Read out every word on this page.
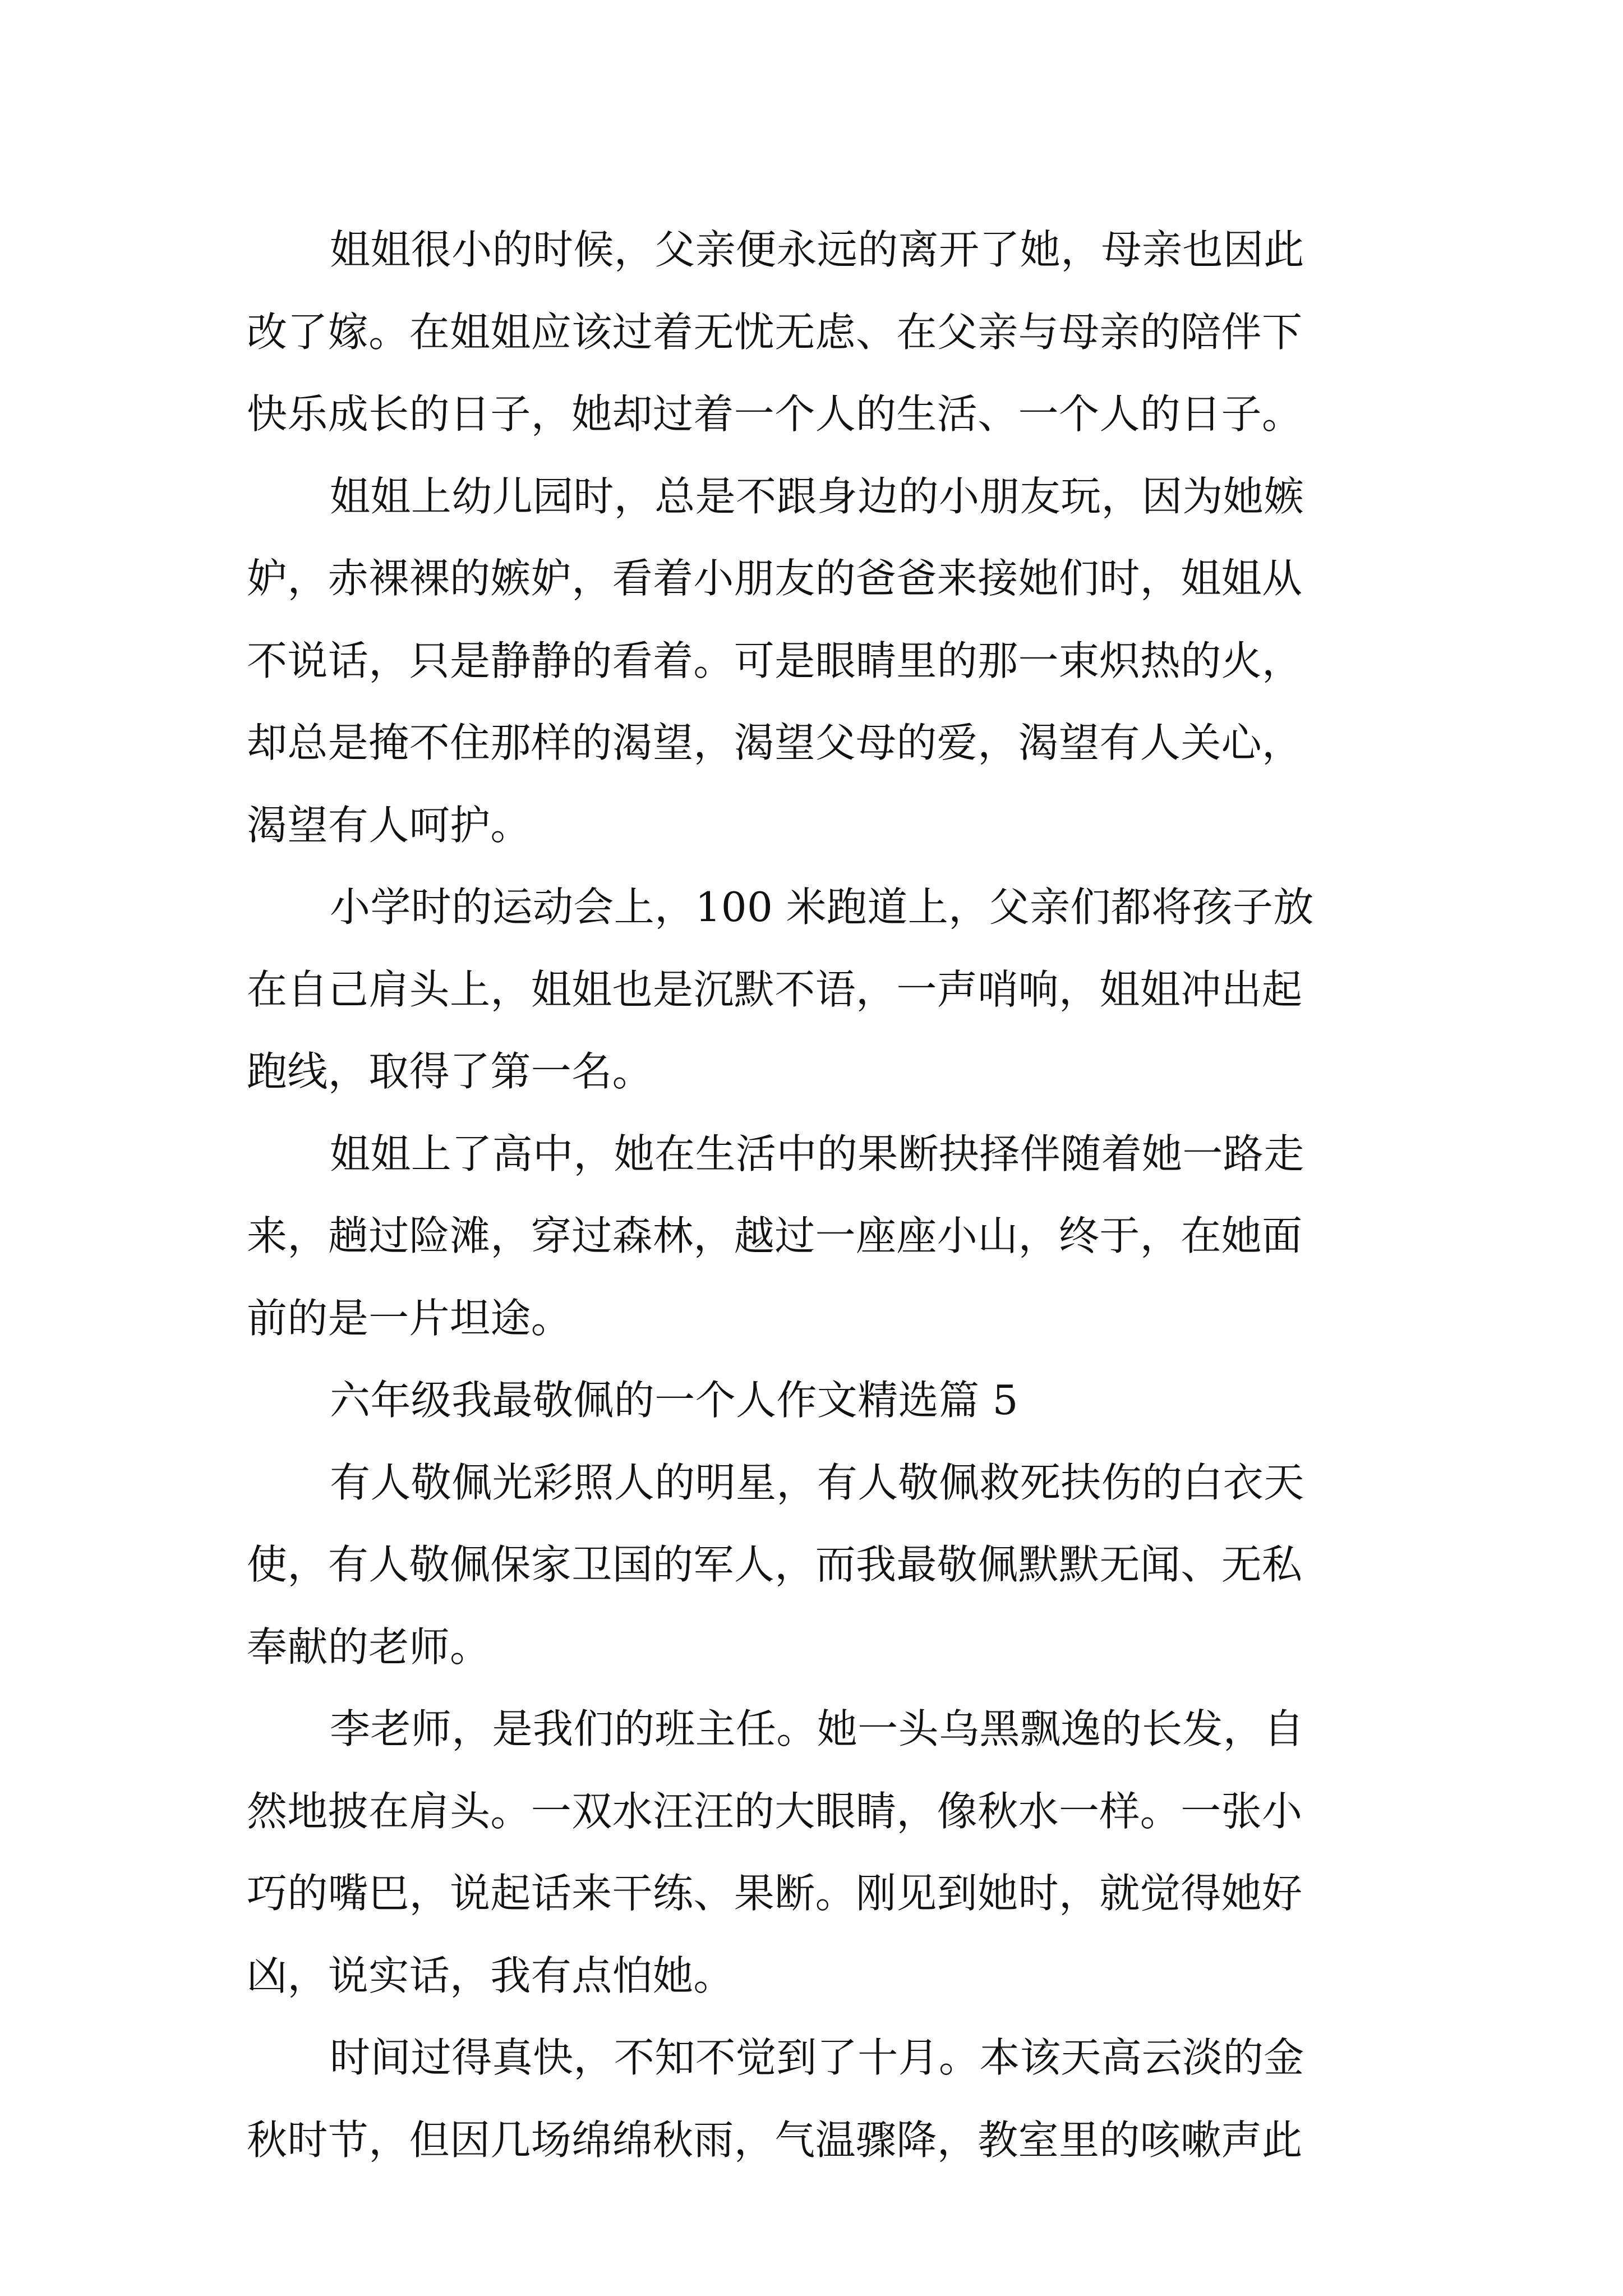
姐姐很小的时候，父亲便永远的离开了她，母亲也因此
改了嫁。在姐姐应该过着无忧无虑、在父亲与母亲的陪伴下
快乐成长的日子，她却过着一个人的生活、一个人的日子。
姐姐上幼儿园时，总是不跟身边的小朋友玩，因为她嫉
妒，赤裸裸的嫉妒，看着小朋友的爸爸来接她们时，姐姐从
不说话，只是静静的看着。可是眼睛里的那一束炽热的火，
却总是掩不住那样的渴望，渴望父母的爱，渴望有人关心，
渴望有人呵护。
小学时的运动会上，100 米跑道上，父亲们都将孩子放
在自己肩头上，姐姐也是沉默不语，一声哨响，姐姐冲出起
跑线，取得了第一名。
姐姐上了高中，她在生活中的果断抉择伴随着她一路走
来，趟过险滩，穿过森林，越过一座座小山，终于，在她面
前的是一片坦途。
六年级我最敬佩的一个人作文精选篇 5
有人敬佩光彩照人的明星，有人敬佩救死扶伤的白衣天
使，有人敬佩保家卫国的军人，而我最敬佩默默无闻、无私
奉献的老师。
李老师，是我们的班主任。她一头乌黑飘逸的长发，自
然地披在肩头。一双水汪汪的大眼睛，像秋水一样。一张小
巧的嘴巴，说起话来干练、果断。刚见到她时，就觉得她好
凶，说实话，我有点怕她。
时间过得真快，不知不觉到了十月。本该天高云淡的金
秋时节，但因几场绵绵秋雨，气温骤降，教室里的咳嗽声此
